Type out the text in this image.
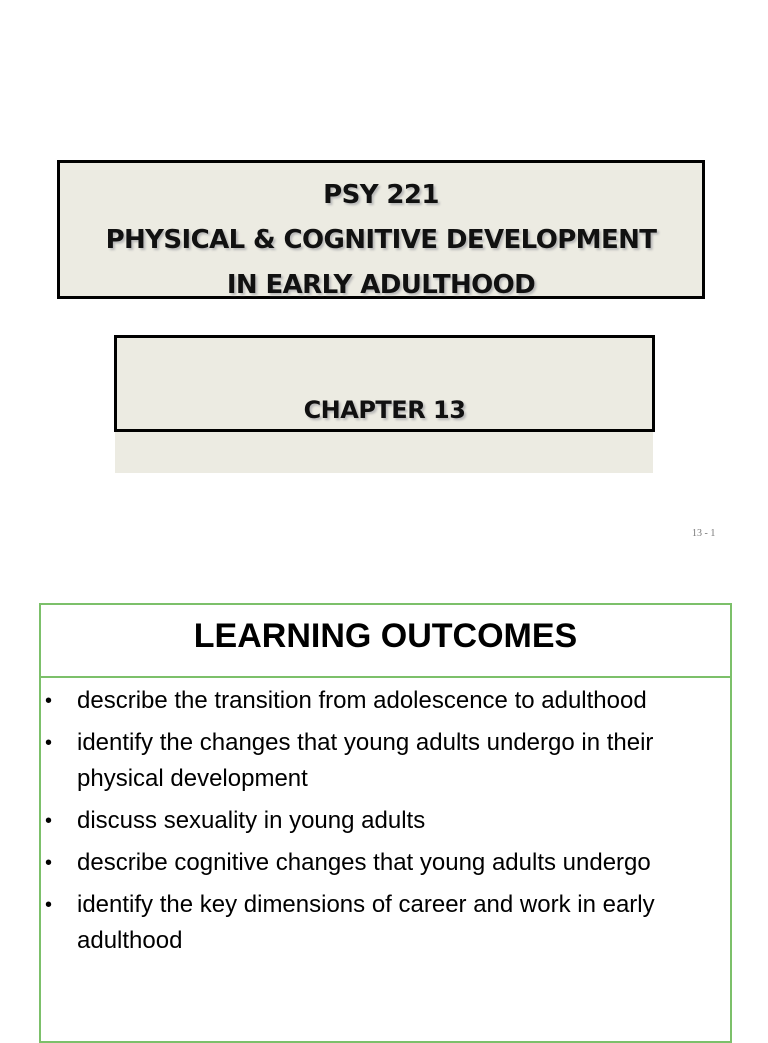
PSY 221
PHYSICAL & COGNITIVE DEVELOPMENT
IN EARLY ADULTHOOD
CHAPTER 13
13 - 1
LEARNING OUTCOMES
• describe the transition from adolescence to adulthood
• identify the changes that young adults undergo in their physical development
• discuss sexuality in young adults
• describe cognitive changes that young adults undergo
• identify the key dimensions of career and work in early adulthood
